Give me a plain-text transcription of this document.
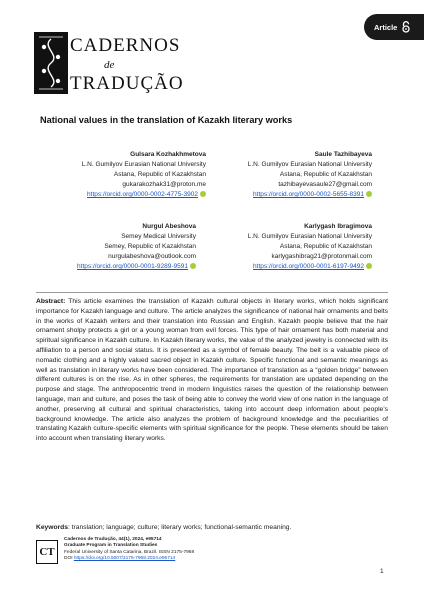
CADERNOS
de
TRADUÇÃO
Article
National values in the translation of Kazakh literary works
Gulsara Kozhakhmetova
L.N. Gumilyov Eurasian National University
Astana, Republic of Kazakhstan
gukarakozhak31@proton.me
https://orcid.org/0000-0002-4775-3902
Saule Tazhibayeva
L.N. Gumilyov Eurasian National University
Astana, Republic of Kazakhstan
tazhibayevasaule27@gmail.com
https://orcid.org/0000-0002-5655-8391
Nurgul Abeshova
Semey Medical University
Semey, Republic of Kazakhstan
nurgulabeshova@outlook.com
https://orcid.org/0000-0001-9289-9591
Karlygash Ibragimova
L.N. Gumilyov Eurasian National University
Astana, Republic of Kazakhstan
karlygashibrag21@protonmail.com
https://orcid.org/0000-0001-6197-9492
Abstract: This article examines the translation of Kazakh cultural objects in literary works, which holds significant importance for Kazakh language and culture. The article analyzes the significance of national hair ornaments and belts in the works of Kazakh writers and their translation into Russian and English. Kazakh people believe that the hair ornament sholpy protects a girl or a young woman from evil forces. This type of hair ornament has both material and spiritual significance in Kazakh culture. In Kazakh literary works, the value of the analyzed jewelry is connected with its affiliation to a person and social status. It is presented as a symbol of female beauty. The belt is a valuable piece of nomadic clothing and a highly valued sacred object in Kazakh culture. Specific functional and semantic meanings as well as translation in literary works have been considered. The importance of translation as a “golden bridge” between different cultures is on the rise. As in other spheres, the requirements for translation are updated depending on the purpose and stage. The anthropocentric trend in modern linguistics raises the question of the relationship between language, man and culture, and poses the task of being able to convey the world view of one nation in the language of another, preserving all cultural and spiritual characteristics, taking into account deep information about people’s background knowledge. The article also analyzes the problem of background knowledge and the peculiarities of translating Kazakh culture-specific elements with spiritual significance for the people. These elements should be taken into account when translating literary works.
Keywords: translation; language; culture; literary works; functional-semantic meaning.
CT
Cadernos de Tradução, 44(1), 2024, e95714
Graduate Program in Translation Studies
Federal University of Santa Catarina, Brazil. ISSN 2175-7968
DOI https://doi.org/10.5007/2175-7968.2024.e95714
1
